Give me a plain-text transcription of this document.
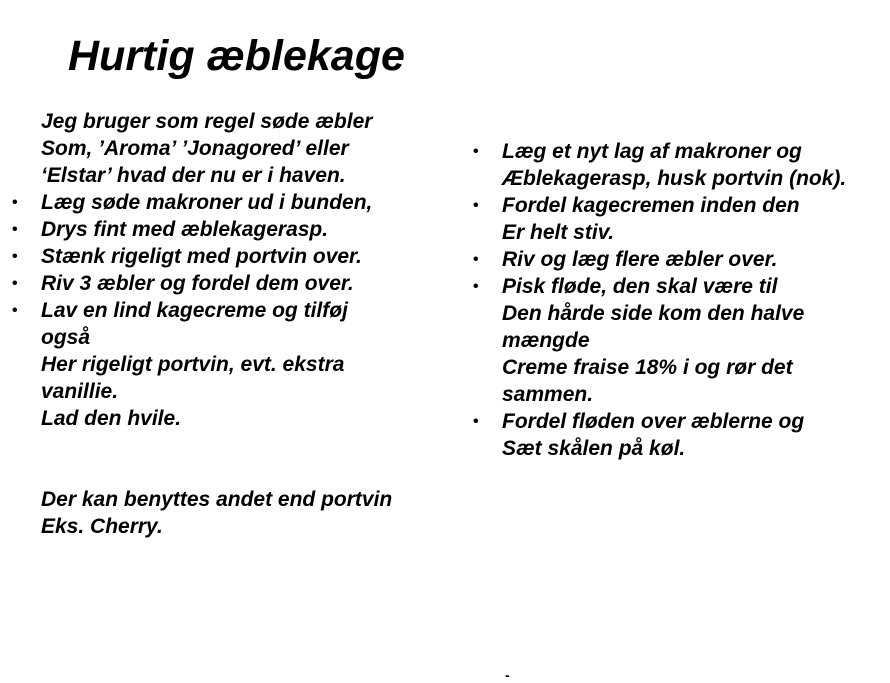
Hurtig æblekage
Jeg bruger som regel søde æbler
Som, ’Aroma’ ’Jonagored’ eller
‘Elstar’ hvad der nu er i haven.
• Læg søde makroner ud i bunden,
• Drys fint med æblekagerasp.
• Stænk rigeligt med portvin over.
• Riv 3 æbler og fordel dem over.
• Lav en lind kagecreme og tilføj
også
Her rigeligt portvin, evt. ekstra
vanillie.
Lad den hvile.
Der kan benyttes andet end portvin
Eks. Cherry.
• Læg et nyt lag af makroner og
Æblekagerasp, husk portvin (nok).
• Fordel kagecremen inden den
Er helt stiv.
• Riv og læg flere æbler over.
• Pisk fløde, den skal være til
Den hårde side kom den halve
mængde
Creme fraise 18% i og rør det
sammen.
• Fordel fløden over æblerne og
Sæt skålen på køl.
-
